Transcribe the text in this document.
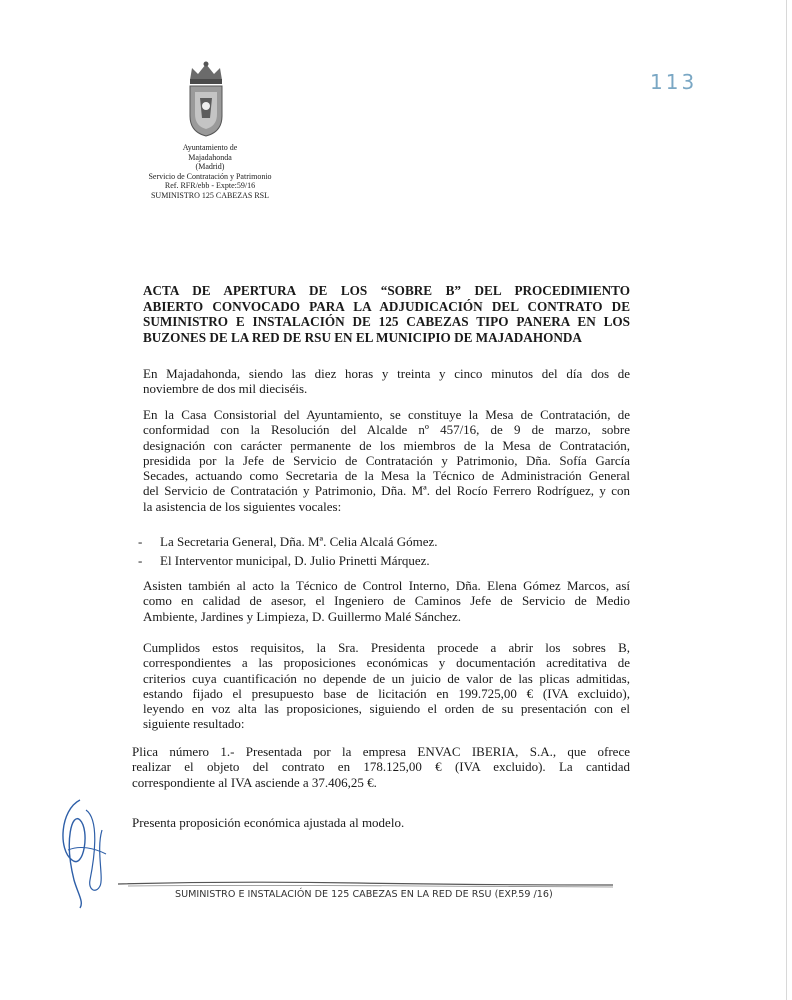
Ayuntamiento de
Majadahonda
(Madrid)
Servicio de Contratación y Patrimonio
Ref. RFR/ebb - Expte:59/16
SUMINISTRO 125 CABEZAS RSL
113
ACTA DE APERTURA DE LOS “SOBRE B” DEL PROCEDIMIENTO
ABIERTO CONVOCADO PARA LA ADJUDICACIÓN DEL CONTRATO DE
SUMINISTRO E INSTALACIÓN DE 125 CABEZAS TIPO PANERA EN LOS
BUZONES DE LA RED DE RSU EN EL MUNICIPIO DE MAJADAHONDA
En Majadahonda, siendo las diez horas y treinta y cinco minutos del día dos de
noviembre de dos mil dieciséis.
En la Casa Consistorial del Ayuntamiento, se constituye la Mesa de Contratación, de
conformidad con la Resolución del Alcalde nº 457/16, de 9 de marzo, sobre
designación con carácter permanente de los miembros de la Mesa de Contratación,
presidida por la Jefe de Servicio de Contratación y Patrimonio, Dña. Sofía García
Secades, actuando como Secretaria de la Mesa la Técnico de Administración General
del Servicio de Contratación y Patrimonio, Dña. Mª. del Rocío Ferrero Rodríguez, y con
la asistencia de los siguientes vocales:
- La Secretaria General, Dña. Mª. Celia Alcalá Gómez.
- El Interventor municipal, D. Julio Prinetti Márquez.
Asisten también al acto la Técnico de Control Interno, Dña. Elena Gómez Marcos, así
como en calidad de asesor, el Ingeniero de Caminos Jefe de Servicio de Medio
Ambiente, Jardines y Limpieza, D. Guillermo Malé Sánchez.
Cumplidos estos requisitos, la Sra. Presidenta procede a abrir los sobres B,
correspondientes a las proposiciones económicas y documentación acreditativa de
criterios cuya cuantificación no depende de un juicio de valor de las plicas admitidas,
estando fijado el presupuesto base de licitación en 199.725,00 € (IVA excluido),
leyendo en voz alta las proposiciones, siguiendo el orden de su presentación con el
siguiente resultado:
Plica número 1.- Presentada por la empresa ENVAC IBERIA, S.A., que ofrece
realizar el objeto del contrato en 178.125,00 € (IVA excluido). La cantidad
correspondiente al IVA asciende a 37.406,25 €.
Presenta proposición económica ajustada al modelo.
SUMINISTRO E INSTALACIÓN DE 125 CABEZAS EN LA RED DE RSU (EXP.59 /16)
